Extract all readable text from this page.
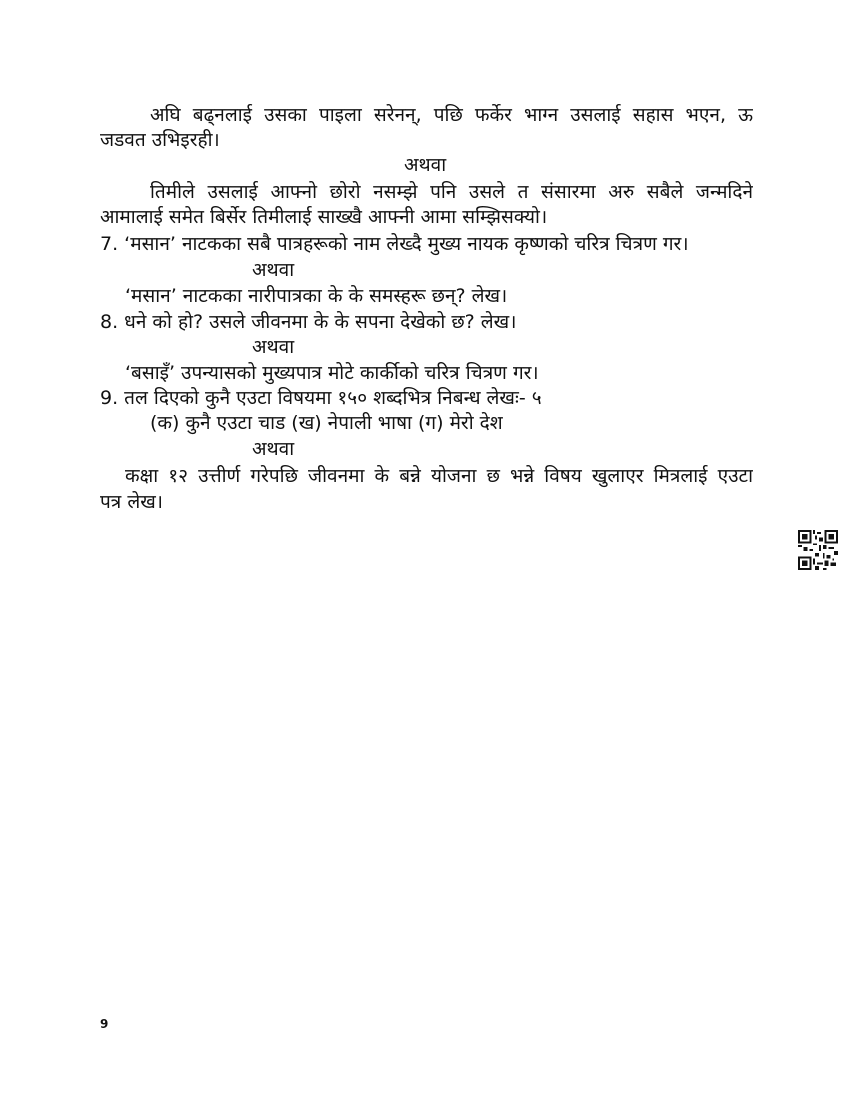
अघि बढ्नलाई उसका पाइला सरेनन्, पछि फर्केर भाग्न उसलाई सहास भएन, ऊ
जडवत उभिइरही।
अथवा
तिमीले उसलाई आफ्नो छोरो नसम्झे पनि उसले त संसारमा अरु सबैले जन्मदिने
आमालाई समेत बिर्सेर तिमीलाई साख्खै आफ्नी आमा सम्झिसक्यो।
7. ‘मसान’ नाटकका सबै पात्रहरूको नाम लेख्दै मुख्य नायक कृष्णको चरित्र चित्रण गर।
अथवा
‘मसान’ नाटकका नारीपात्रका के के समस्हरू छन्? लेख।
8. धने को हो? उसले जीवनमा के के सपना देखेको छ? लेख।
अथवा
‘बसाइँ’ उपन्यासको मुख्यपात्र मोटे कार्कीको चरित्र चित्रण गर।
9. तल दिएको कुनै एउटा विषयमा १५० शब्दभित्र निबन्ध लेखः- ५
(क) कुनै एउटा चाड (ख) नेपाली भाषा (ग) मेरो देश
अथवा
कक्षा १२ उत्तीर्ण गरेपछि जीवनमा के बन्ने योजना छ भन्ने विषय खुलाएर मित्रलाई एउटा
पत्र लेख।
9
